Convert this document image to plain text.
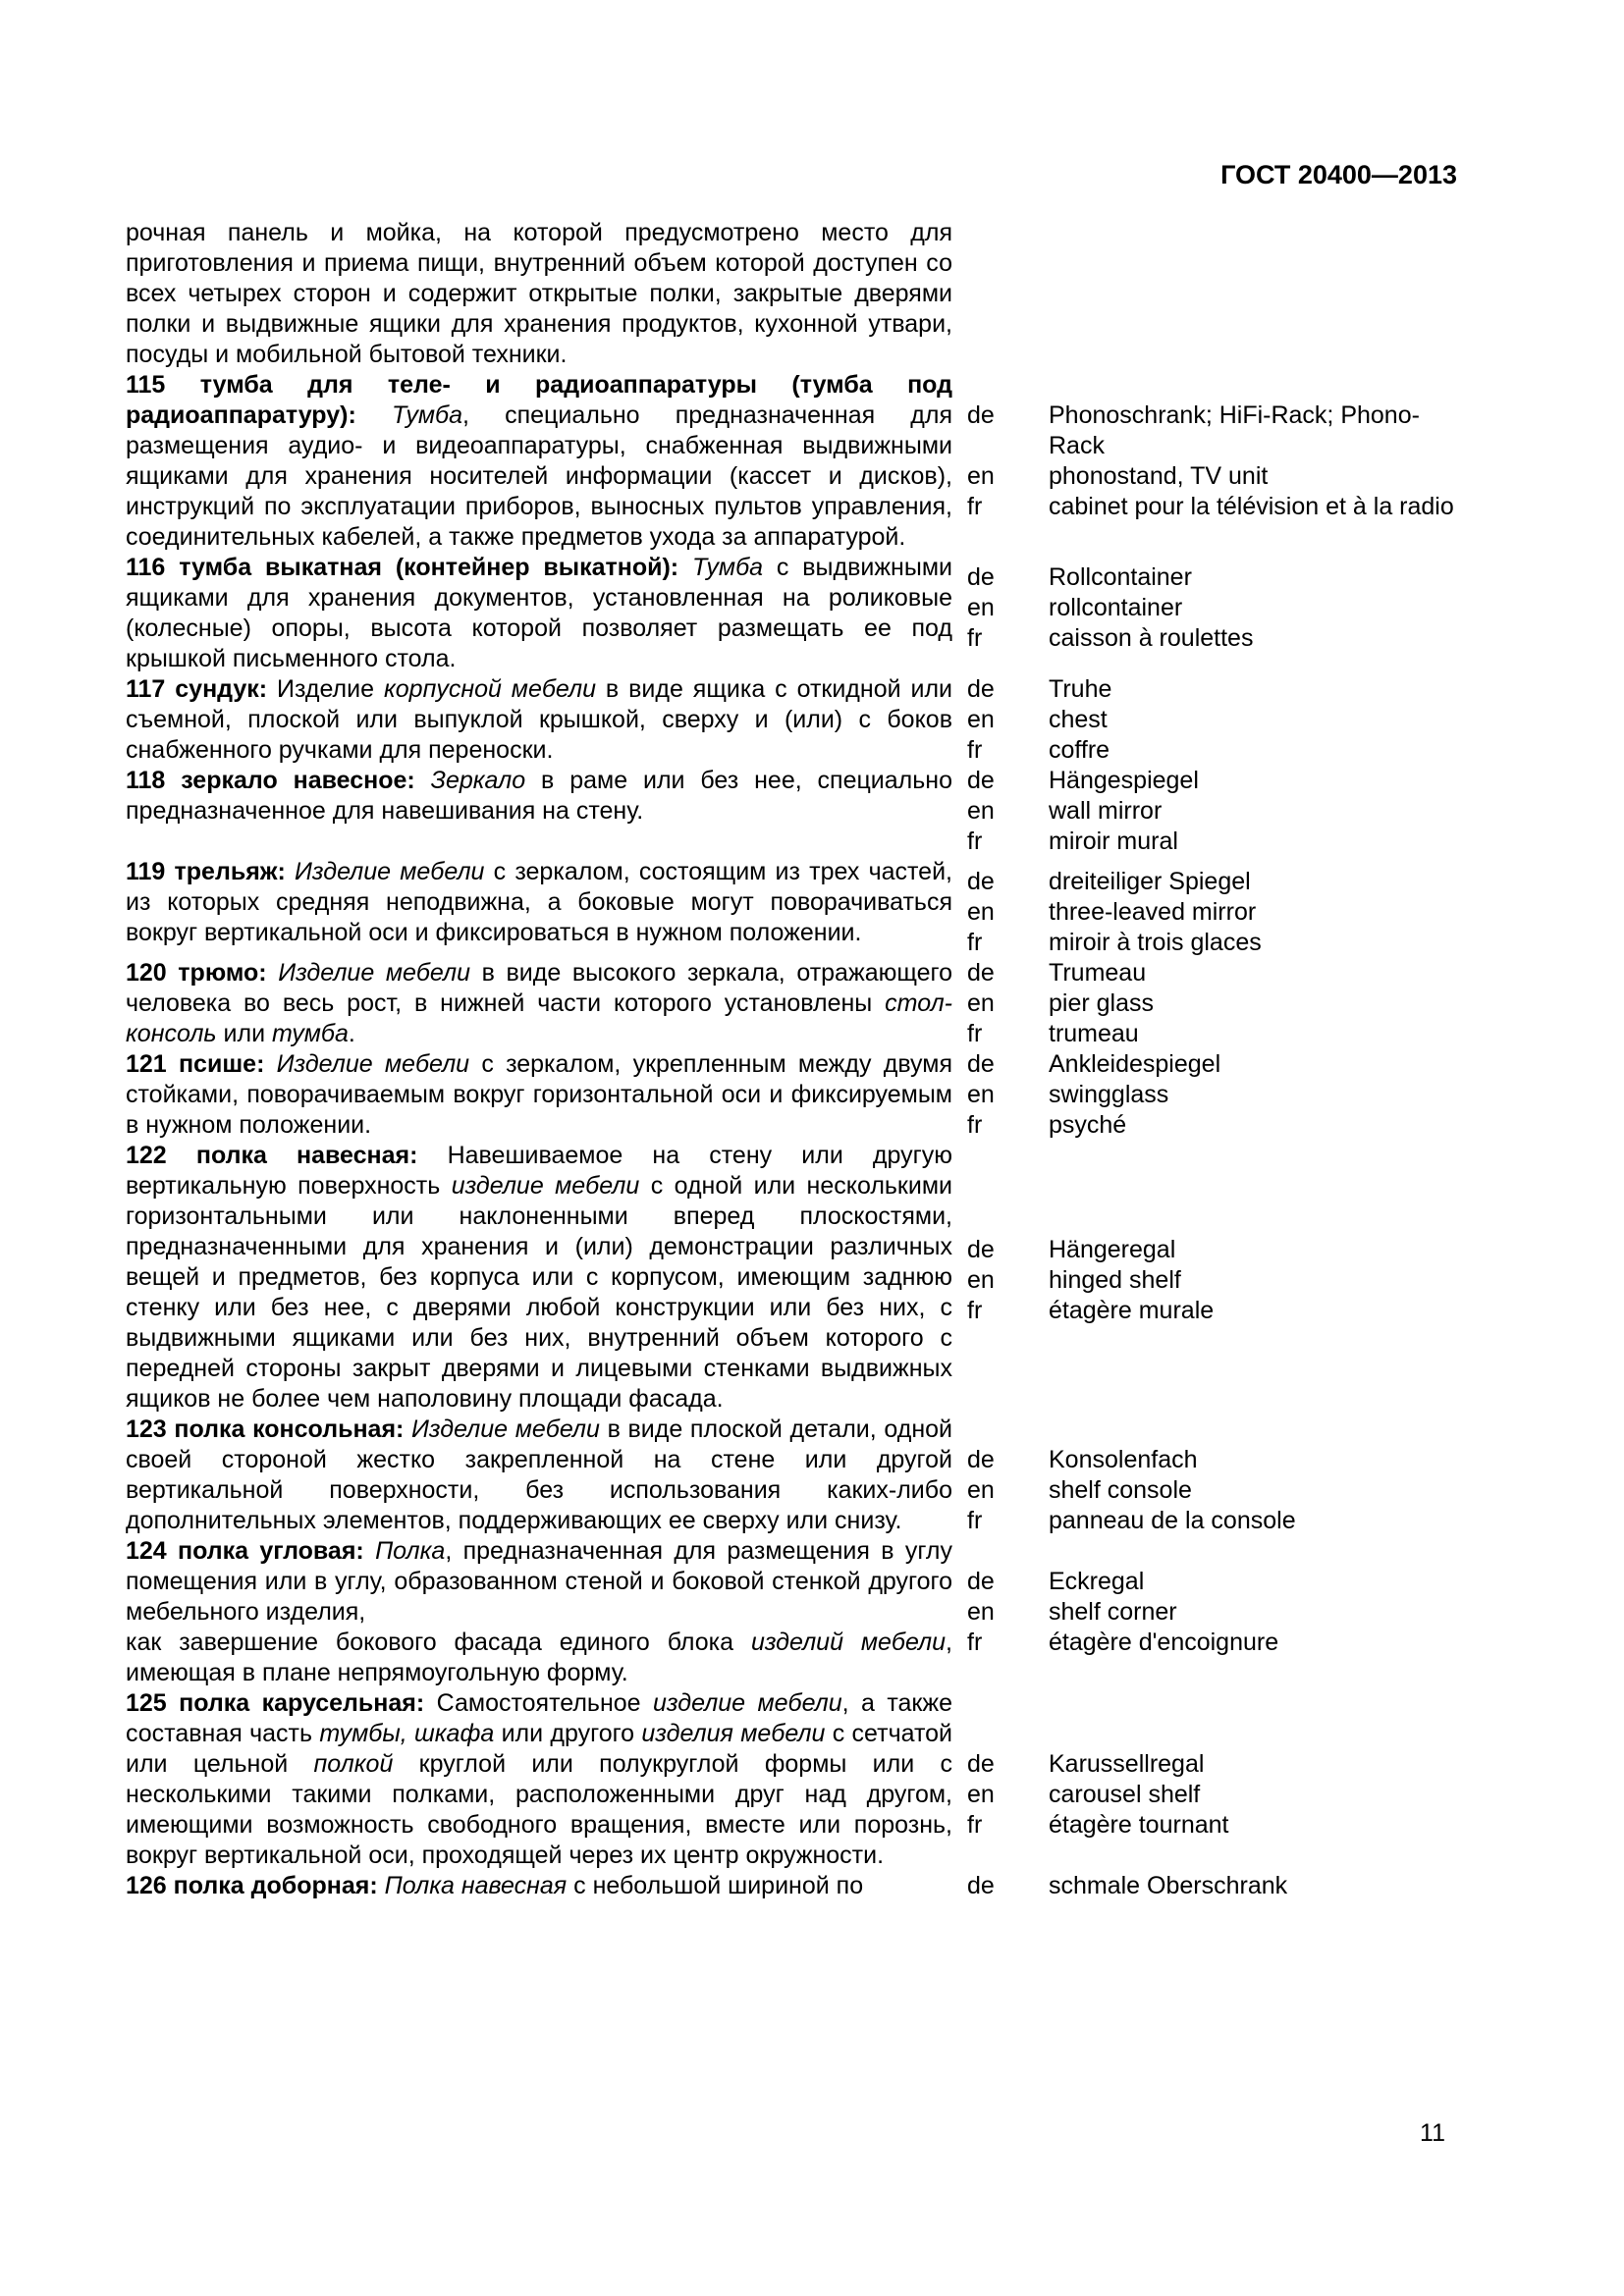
ГОСТ 20400—2013
рочная панель и мойка, на которой предусмотрено место для приготовления и приема пищи, внутренний объем которой доступен со всех четырех сторон и содержит открытые полки, закрытые дверями полки и выдвижные ящики для хранения продуктов, кухонной утвари, посуды и мобильной бытовой техники.
115 тумба для теле- и радиоаппаратуры (тумба под радиоаппаратуру): Тумба, специально предназначенная для размещения аудио- и видеоаппаратуры, снабженная выдвижными ящиками для хранения носителей информации (кассет и дисков), инструкций по эксплуатации приборов, выносных пультов управления, соединительных кабелей, а также предметов ухода за аппаратурой.
de	Phonoschrank; HiFi-Rack; Phono-Rack
en	phonostand, TV unit
fr	cabinet pour la télévision et à la radio
116 тумба выкатная (контейнер выкатной): Тумба с выдвижными ящиками для хранения документов, установленная на роликовые (колесные) опоры, высота которой позволяет размещать ее под крышкой письменного стола.
de	Rollcontainer
en	rollcontainer
fr	caisson à roulettes
117 сундук: Изделие корпусной мебели в виде ящика с откидной или съемной, плоской или выпуклой крышкой, сверху и (или) с боков снабженного ручками для переноски.
de	Truhe
en	chest
fr	coffre
118 зеркало навесное: Зеркало в раме или без нее, специально предназначенное для навешивания на стену.
de	Hängespiegel
en	wall mirror
fr	miroir mural
119 трельяж: Изделие мебели с зеркалом, состоящим из трех частей, из которых средняя неподвижна, а боковые могут поворачиваться вокруг вертикальной оси и фиксироваться в нужном положении.
de	dreiteiliger Spiegel
en	three-leaved mirror
fr	miroir à trois glaces
120 трюмо: Изделие мебели в виде высокого зеркала, отражающего человека во весь рост, в нижней части которого установлены стол-консоль или тумба.
de	Trumeau
en	pier glass
fr	trumeau
121 псише: Изделие мебели с зеркалом, укрепленным между двумя стойками, поворачиваемым вокруг горизонтальной оси и фиксируемым в нужном положении.
de	Ankleidespiegel
en	swingglass
fr	psyché
122 полка навесная: Навешиваемое на стену или другую вертикальную поверхность изделие мебели с одной или несколькими горизонтальными или наклоненными вперед плоскостями, предназначенными для хранения и (или) демонстрации различных вещей и предметов, без корпуса или с корпусом, имеющим заднюю стенку или без нее, с дверями любой конструкции или без них, с выдвижными ящиками или без них, внутренний объем которого с передней стороны закрыт дверями и лицевыми стенками выдвижных ящиков не более чем наполовину площади фасада.
de	Hängeregal
en	hinged shelf
fr	étagère murale
123 полка консольная: Изделие мебели в виде плоской детали, одной своей стороной жестко закрепленной на стене или другой вертикальной поверхности, без использования каких-либо дополнительных элементов, поддерживающих ее сверху или снизу.
de	Konsolenfach
en	shelf console
fr	panneau de la console
124 полка угловая: Полка, предназначенная для размещения в углу помещения или в углу, образованном стеной и боковой стенкой другого мебельного изделия,
как завершение бокового фасада единого блока изделий мебели, имеющая в плане непрямоугольную форму.
de	Eckregal
en	shelf corner
fr	étagère d'encoignure
125 полка карусельная: Самостоятельное изделие мебели, а также составная часть тумбы, шкафа или другого изделия мебели с сетчатой или цельной полкой круглой или полукруглой формы или с несколькими такими полками, расположенными друг над другом, имеющими возможность свободного вращения, вместе или порознь, вокруг вертикальной оси, проходящей через их центр окружности.
de	Karussellregal
en	carousel shelf
fr	étagère tournant
126 полка доборная: Полка навесная с небольшой шириной по	de	schmale Oberschrank
11
